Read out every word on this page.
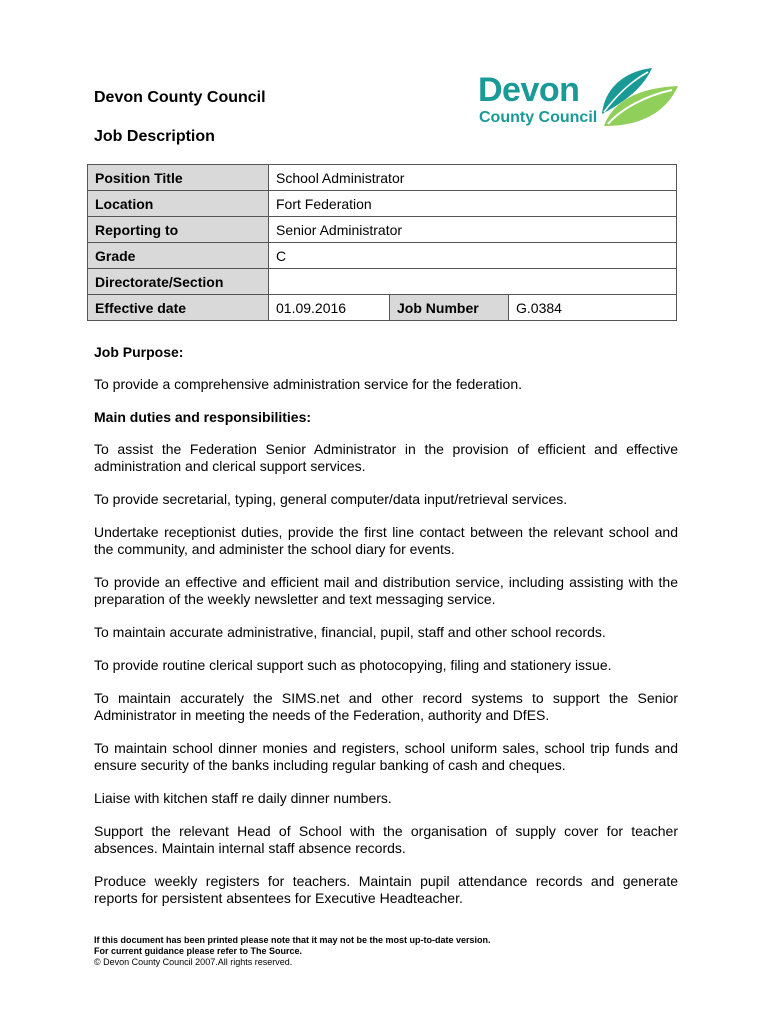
Devon County Council
Job Description
Devon
County Council
Position Title	School Administrator		
Location	Fort Federation		
Reporting to	Senior Administrator		
Grade	C		
Directorate/Section			
Effective date	01.09.2016	Job Number	G.0384
Job Purpose:
To provide a comprehensive administration service for the federation.
Main duties and responsibilities:
To assist the Federation Senior Administrator in the provision of efficient and effective administration and clerical support services.
To provide secretarial, typing, general computer/data input/retrieval services.
Undertake receptionist duties, provide the first line contact between the relevant school and the community, and administer the school diary for events.
To provide an effective and efficient mail and distribution service, including assisting with the preparation of the weekly newsletter and text messaging service.
To maintain accurate administrative, financial, pupil, staff and other school records.
To provide routine clerical support such as photocopying, filing and stationery issue.
To maintain accurately the SIMS.net and other record systems to support the Senior Administrator in meeting the needs of the Federation, authority and DfES.
To maintain school dinner monies and registers, school uniform sales, school trip funds and ensure security of the banks including regular banking of cash and cheques.
Liaise with kitchen staff re daily dinner numbers.
Support the relevant Head of School with the organisation of supply cover for teacher absences. Maintain internal staff absence records.
Produce weekly registers for teachers. Maintain pupil attendance records and generate reports for persistent absentees for Executive Headteacher.
If this document has been printed please note that it may not be the most up-to-date version.
For current guidance please refer to The Source.
© Devon County Council 2007.All rights reserved.
